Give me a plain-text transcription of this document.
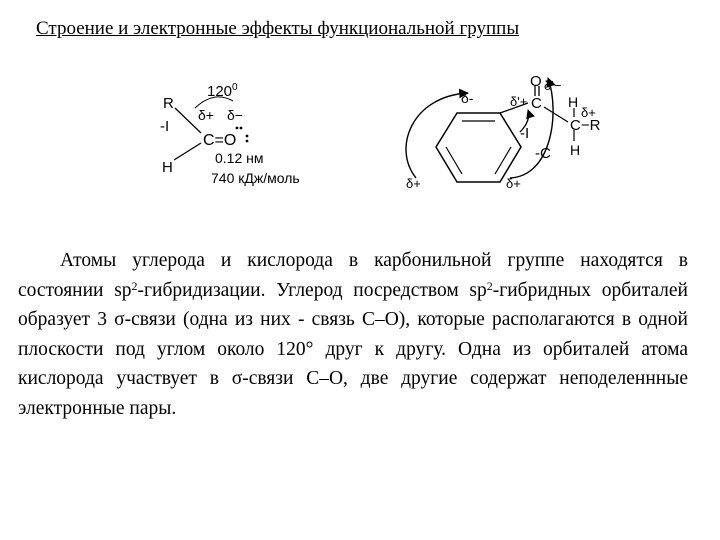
Строение и электронные эффекты функциональной группы
R
H
-I
$120^0$
δ+ δ−
C=O
0.12 нм
740 кДж/моль
O
C
δ-	δ'+
δ'−
H
C−R
δ+
H
-I
-C
δ+	δ+
Атомы углерода и кислорода в карбонильной группе находятся в состоянии $sp^2$-гибридизации. Углерод посредством $sp^2$-гибридных орбиталей образует 3 σ-связи (одна из них - связь С–О), которые располагаются в одной плоскости под углом около 120° друг к другу. Одна из орбиталей атома кислорода участвует в σ-связи С–О, две другие содержат неподеленнные электронные пары.
